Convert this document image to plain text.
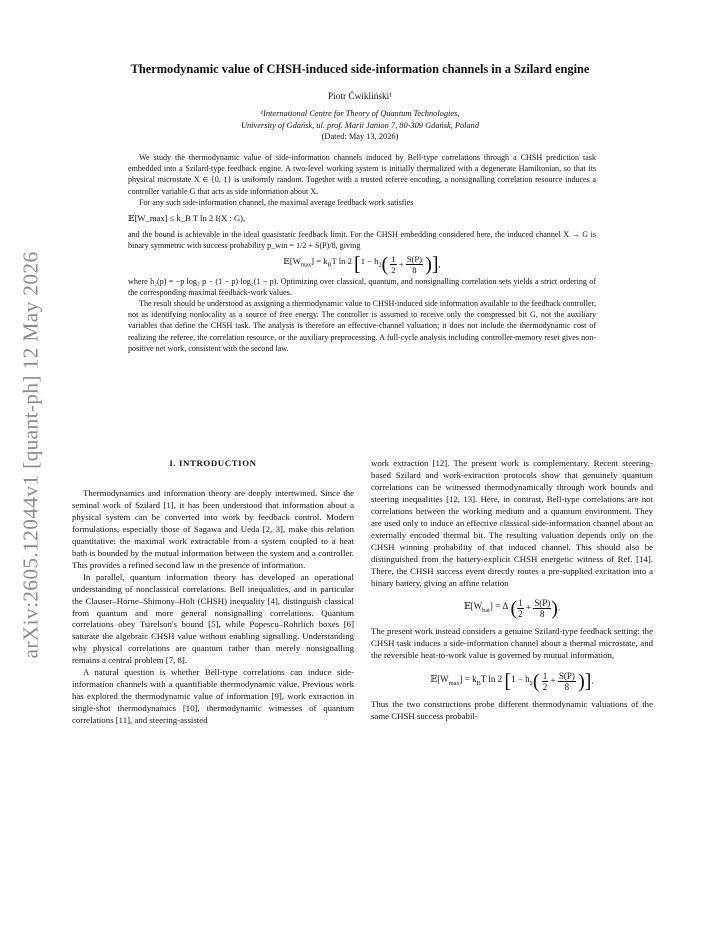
arXiv:2605.12044v1 [quant-ph] 12 May 2026
Thermodynamic value of CHSH-induced side-information channels in a Szilard engine
Piotr Ćwikliński¹
¹International Centre for Theory of Quantum Technologies,
University of Gdańsk, ul. prof. Marii Janion 7, 80-309 Gdańsk, Poland
(Dated: May 13, 2026)

We study the thermodynamic value of side-information channels induced by Bell-type correlations through a CHSH prediction task embedded into a Szilard-type feedback engine. A two-level working system is initially thermalized with a degenerate Hamiltonian, so that its physical microstate X ∈ {0, 1} is uniformly random. Together with a trusted referee encoding, a nonsignalling correlation resource induces a controller variable G that acts as side information about X.

For any such side-information channel, the maximal average feedback work satisfies

𝔼[W_max] ≤ k_B T ln 2 I(X : G),

and the bound is achievable in the ideal quasistatic feedback limit. For the CHSH embedding considered here, the induced channel X → G is binary symmetric with success probability p_win = 1/2 + S(P)/8, giving

$𝔼[W_{max}] = k_BT$ ln 2 [$1 - h_2( \frac{1}{2} + \frac{S(P)}{8}$ )],

where h₂(p) = −p log₂ p − (1 − p) log₂(1 − p). Optimizing over classical, quantum, and nonsignalling correlation sets yields a strict ordering of the corresponding maximal feedback-work values.

The result should be understood as assigning a thermodynamic value to CHSH-induced side information available to the feedback controller, not as identifying nonlocality as a source of free energy. The controller is assumed to receive only the compressed bit G, not the auxiliary variables that define the CHSH task. The analysis is therefore an effective-channel valuation; it does not include the thermodynamic cost of realizing the referee, the correlation resource, or the auxiliary preprocessing. A full-cycle analysis including controller-memory reset gives non-positive net work, consistent with the second law.

I. INTRODUCTION

Thermodynamics and information theory are deeply intertwined. Since the seminal work of Szilard [1], it has been understood that information about a physical system can be converted into work by feedback control. Modern formulations, especially those of Sagawa and Ueda [2, 3], make this relation quantitative: the maximal work extractable from a system coupled to a heat bath is bounded by the mutual information between the system and a controller. This provides a refined second law in the presence of information.

In parallel, quantum information theory has developed an operational understanding of nonclassical correlations. Bell inequalities, and in particular the Clauser–Horne–Shimony–Holt (CHSH) inequality [4], distinguish classical from quantum and more general nonsignalling correlations. Quantum correlations obey Tsirelson's bound [5], while Popescu–Rohrlich boxes [6] saturate the algebraic CHSH value without enabling signalling. Understanding why physical correlations are quantum rather than merely nonsignalling remains a central problem [7, 8].

A natural question is whether Bell-type correlations can induce side-information channels with a quantifiable thermodynamic value. Previous work has explored the thermodynamic value of information [9], work extraction in single-shot thermodynamics [10], thermodynamic witnesses of quantum correlations [11], and steering-assisted

work extraction [12]. The present work is complementary. Recent steering-based Szilard and work-extraction protocols show that genuinely quantum correlations can be witnessed thermodynamically through work bounds and steering inequalities [12, 13]. Here, in contrast, Bell-type correlations are not correlations between the working medium and a quantum environment. They are used only to induce an effective classical side-information channel about an externally encoded thermal bit. The resulting valuation depends only on the CHSH winning probability of that induced channel. This should also be distinguished from the battery-explicit CHSH energetic witness of Ref. [14]. There, the CHSH success event directly routes a pre-supplied excitation into a binary battery, giving an affine relation

$𝔼[W_{bat}] = \Delta$ ( $\frac{1}{2} + \frac{S(P)}{8}$ ).

The present work instead considers a genuine Szilard-type feedback setting: the CHSH task induces a side-information channel about a thermal microstate, and the reversible heat-to-work value is governed by mutual information,

$𝔼[W_{max}] = k_BT$ ln 2 [$1 - h_2( \frac{1}{2} + \frac{S(P)}{8}$ )].

Thus the two constructions probe different thermodynamic valuations of the same CHSH success probabil-
